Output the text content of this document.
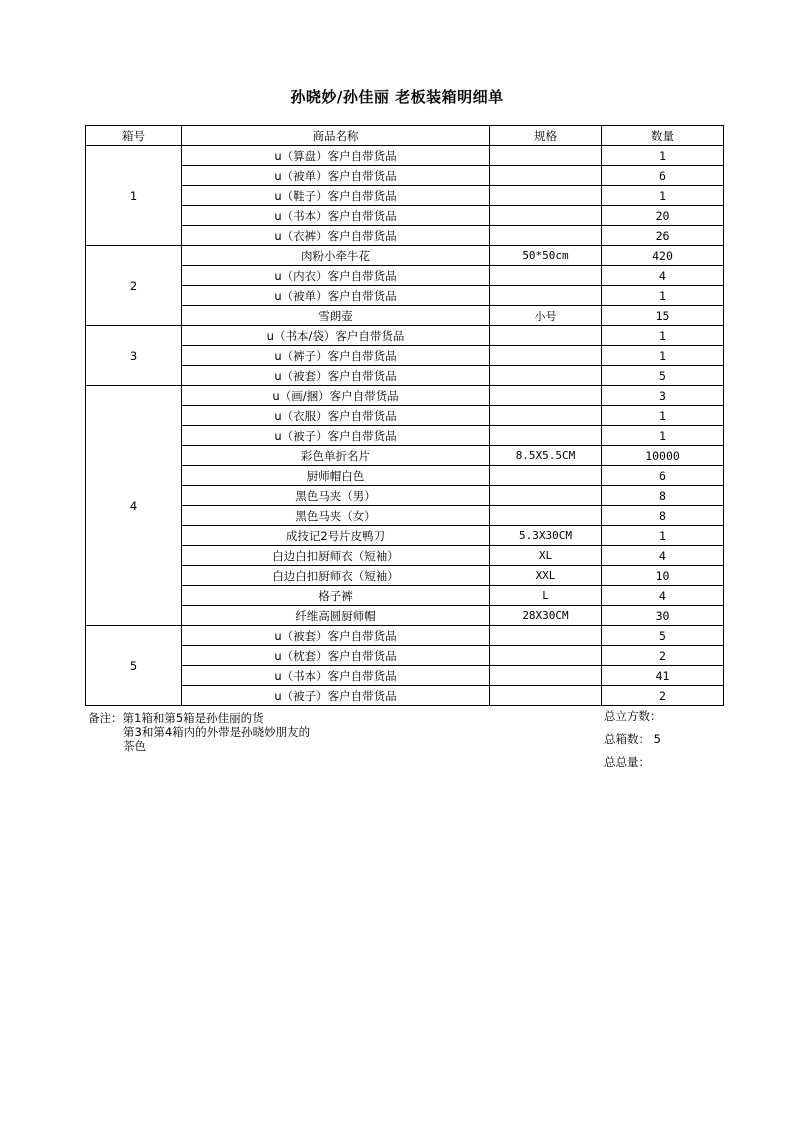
孙晓妙/孙佳丽 老板装箱明细单
箱号	商品名称	规格	数量
1	u（算盘）客户自带货品		1
	u（被单）客户自带货品		6
	u（鞋子）客户自带货品		1
	u（书本）客户自带货品		20
	u（衣裤）客户自带货品		26
2	肉粉小牵牛花	50*50cm	420
	u（内衣）客户自带货品		4
	u（被单）客户自带货品		1
	雪朗壶	小号	15
3	u（书本/袋）客户自带货品		1
	u（裤子）客户自带货品		1
	u（被套）客户自带货品		5
4	u（画/捆）客户自带货品		3
	u（衣服）客户自带货品		1
	u（被子）客户自带货品		1
	彩色单折名片	8.5X5.5CM	10000
	厨师帽白色		6
	黑色马夹（男）		8
	黑色马夹（女）		8
	成技记2号片皮鸭刀	5.3X30CM	1
	白边白扣厨师衣（短袖）	XL	4
	白边白扣厨师衣（短袖）	XXL	10
	格子裤	L	4
	纤维高圆厨师帽	28X30CM	30
5	u（被套）客户自带货品		5
	u（枕套）客户自带货品		2
	u（书本）客户自带货品		41
	u（被子）客户自带货品		2
备注：第1箱和第5箱是孙佳丽的货
第3和第4箱内的外带是孙晓妙朋友的
茶色
总立方数：
总箱数： 5
总总量：
